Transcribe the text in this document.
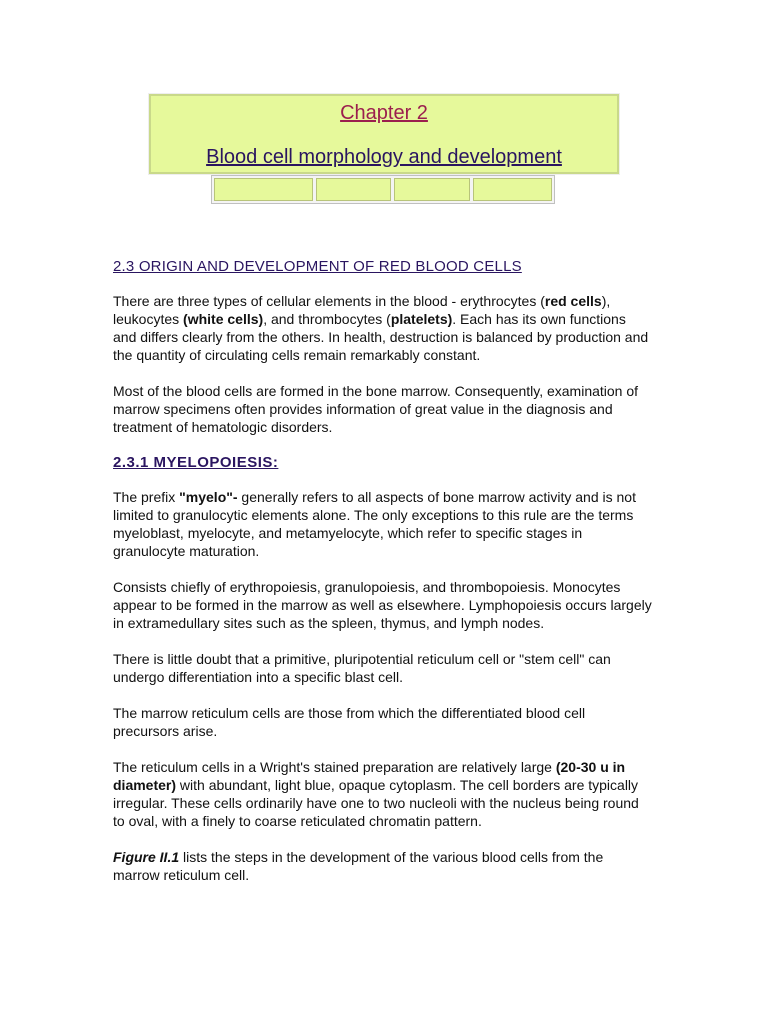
Chapter 2
Blood cell morphology and development
2.3 ORIGIN AND DEVELOPMENT OF RED BLOOD CELLS

There are three types of cellular elements in the blood - erythrocytes (red cells), leukocytes (white cells), and thrombocytes (platelets). Each has its own functions and differs clearly from the others. In health, destruction is balanced by production and the quantity of circulating cells remain remarkably constant.

Most of the blood cells are formed in the bone marrow. Consequently, examination of marrow specimens often provides information of great value in the diagnosis and treatment of hematologic disorders.

2.3.1 MYELOPOIESIS:

The prefix "myelo"- generally refers to all aspects of bone marrow activity and is not limited to granulocytic elements alone. The only exceptions to this rule are the terms myeloblast, myelocyte, and metamyelocyte, which refer to specific stages in granulocyte maturation.

Consists chiefly of erythropoiesis, granulopoiesis, and thrombopoiesis. Monocytes appear to be formed in the marrow as well as elsewhere. Lymphopoiesis occurs largely in extramedullary sites such as the spleen, thymus, and lymph nodes.

There is little doubt that a primitive, pluripotential reticulum cell or "stem cell" can undergo differentiation into a specific blast cell.

The marrow reticulum cells are those from which the differentiated blood cell precursors arise.

The reticulum cells in a Wright's stained preparation are relatively large (20-30 u in diameter) with abundant, light blue, opaque cytoplasm. The cell borders are typically irregular. These cells ordinarily have one to two nucleoli with the nucleus being round to oval, with a finely to coarse reticulated chromatin pattern.

Figure II.1 lists the steps in the development of the various blood cells from the marrow reticulum cell.
